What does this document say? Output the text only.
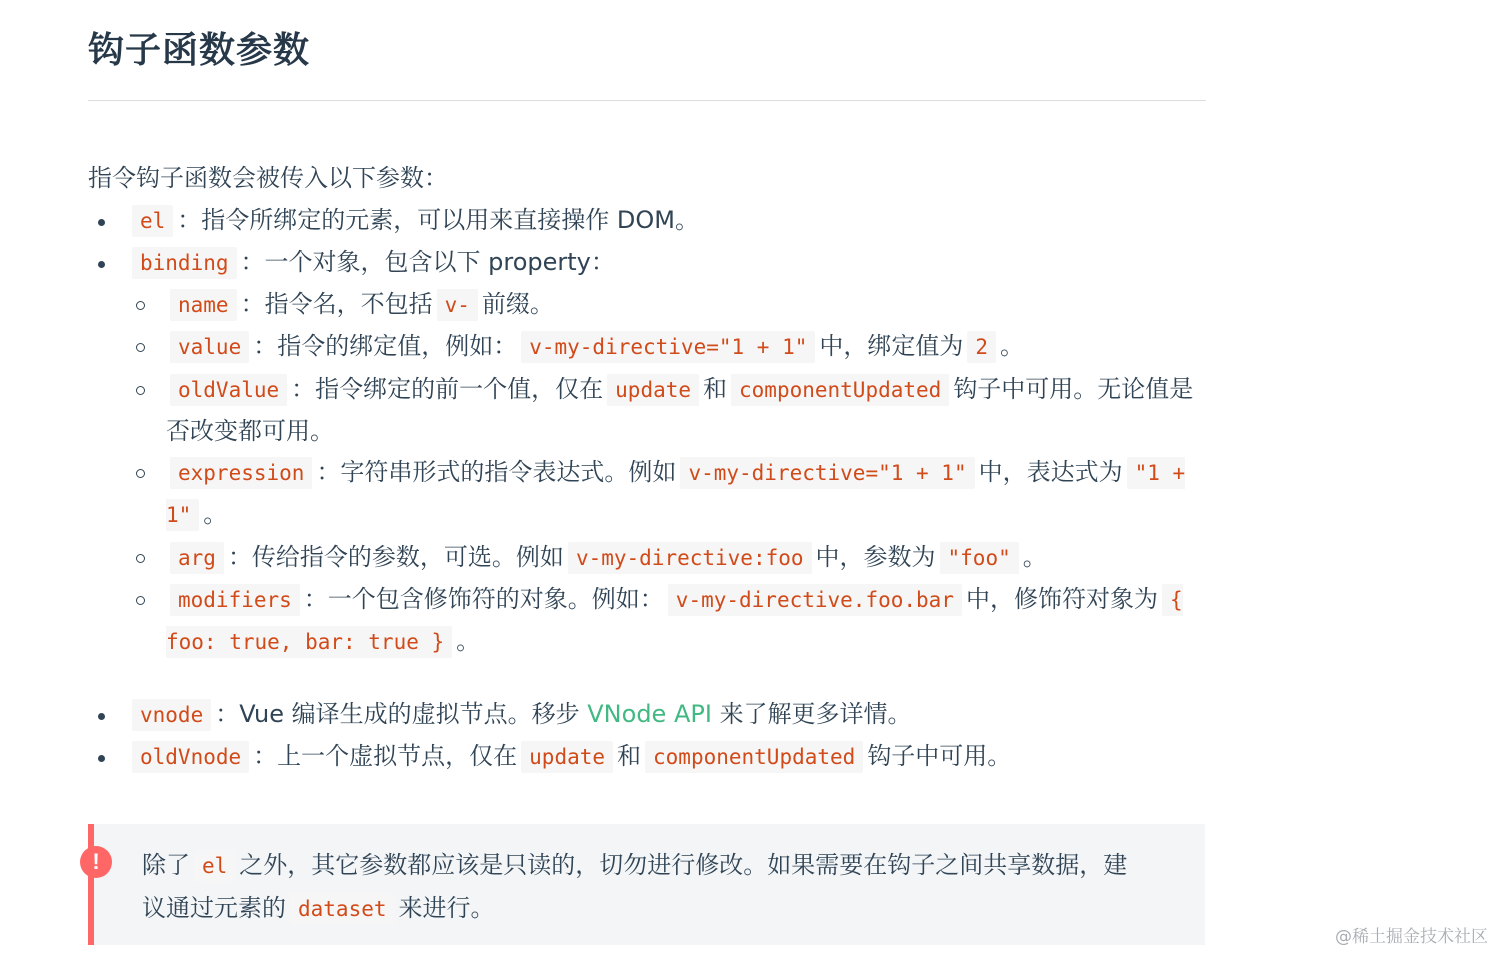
钩子函数参数

指令钩子函数会被传入以下参数：

el ：指令所绑定的元素，可以用来直接操作 DOM。
binding ：一个对象，包含以下 property：
name ：指令名，不包括 v- 前缀。
value ：指令的绑定值，例如： v-my-directive="1 + 1" 中，绑定值为 2 。
oldValue ：指令绑定的前一个值，仅在 update 和 componentUpdated 钩子中可用。无论值是否改变都可用。
expression ：字符串形式的指令表达式。例如 v-my-directive="1 + 1" 中，表达式为 "1 + 1" 。
arg ：传给指令的参数，可选。例如 v-my-directive:foo 中，参数为 "foo" 。
modifiers ：一个包含修饰符的对象。例如： v-my-directive.foo.bar 中，修饰符对象为 { foo: true, bar: true } 。
vnode ：Vue 编译生成的虚拟节点。移步 VNode API 来了解更多详情。
oldVnode ：上一个虚拟节点，仅在 update 和 componentUpdated 钩子中可用。
!	除了 el 之外，其它参数都应该是只读的，切勿进行修改。如果需要在钩子之间共享数据，建议通过元素的 dataset 来进行。
@稀土掘金技术社区
